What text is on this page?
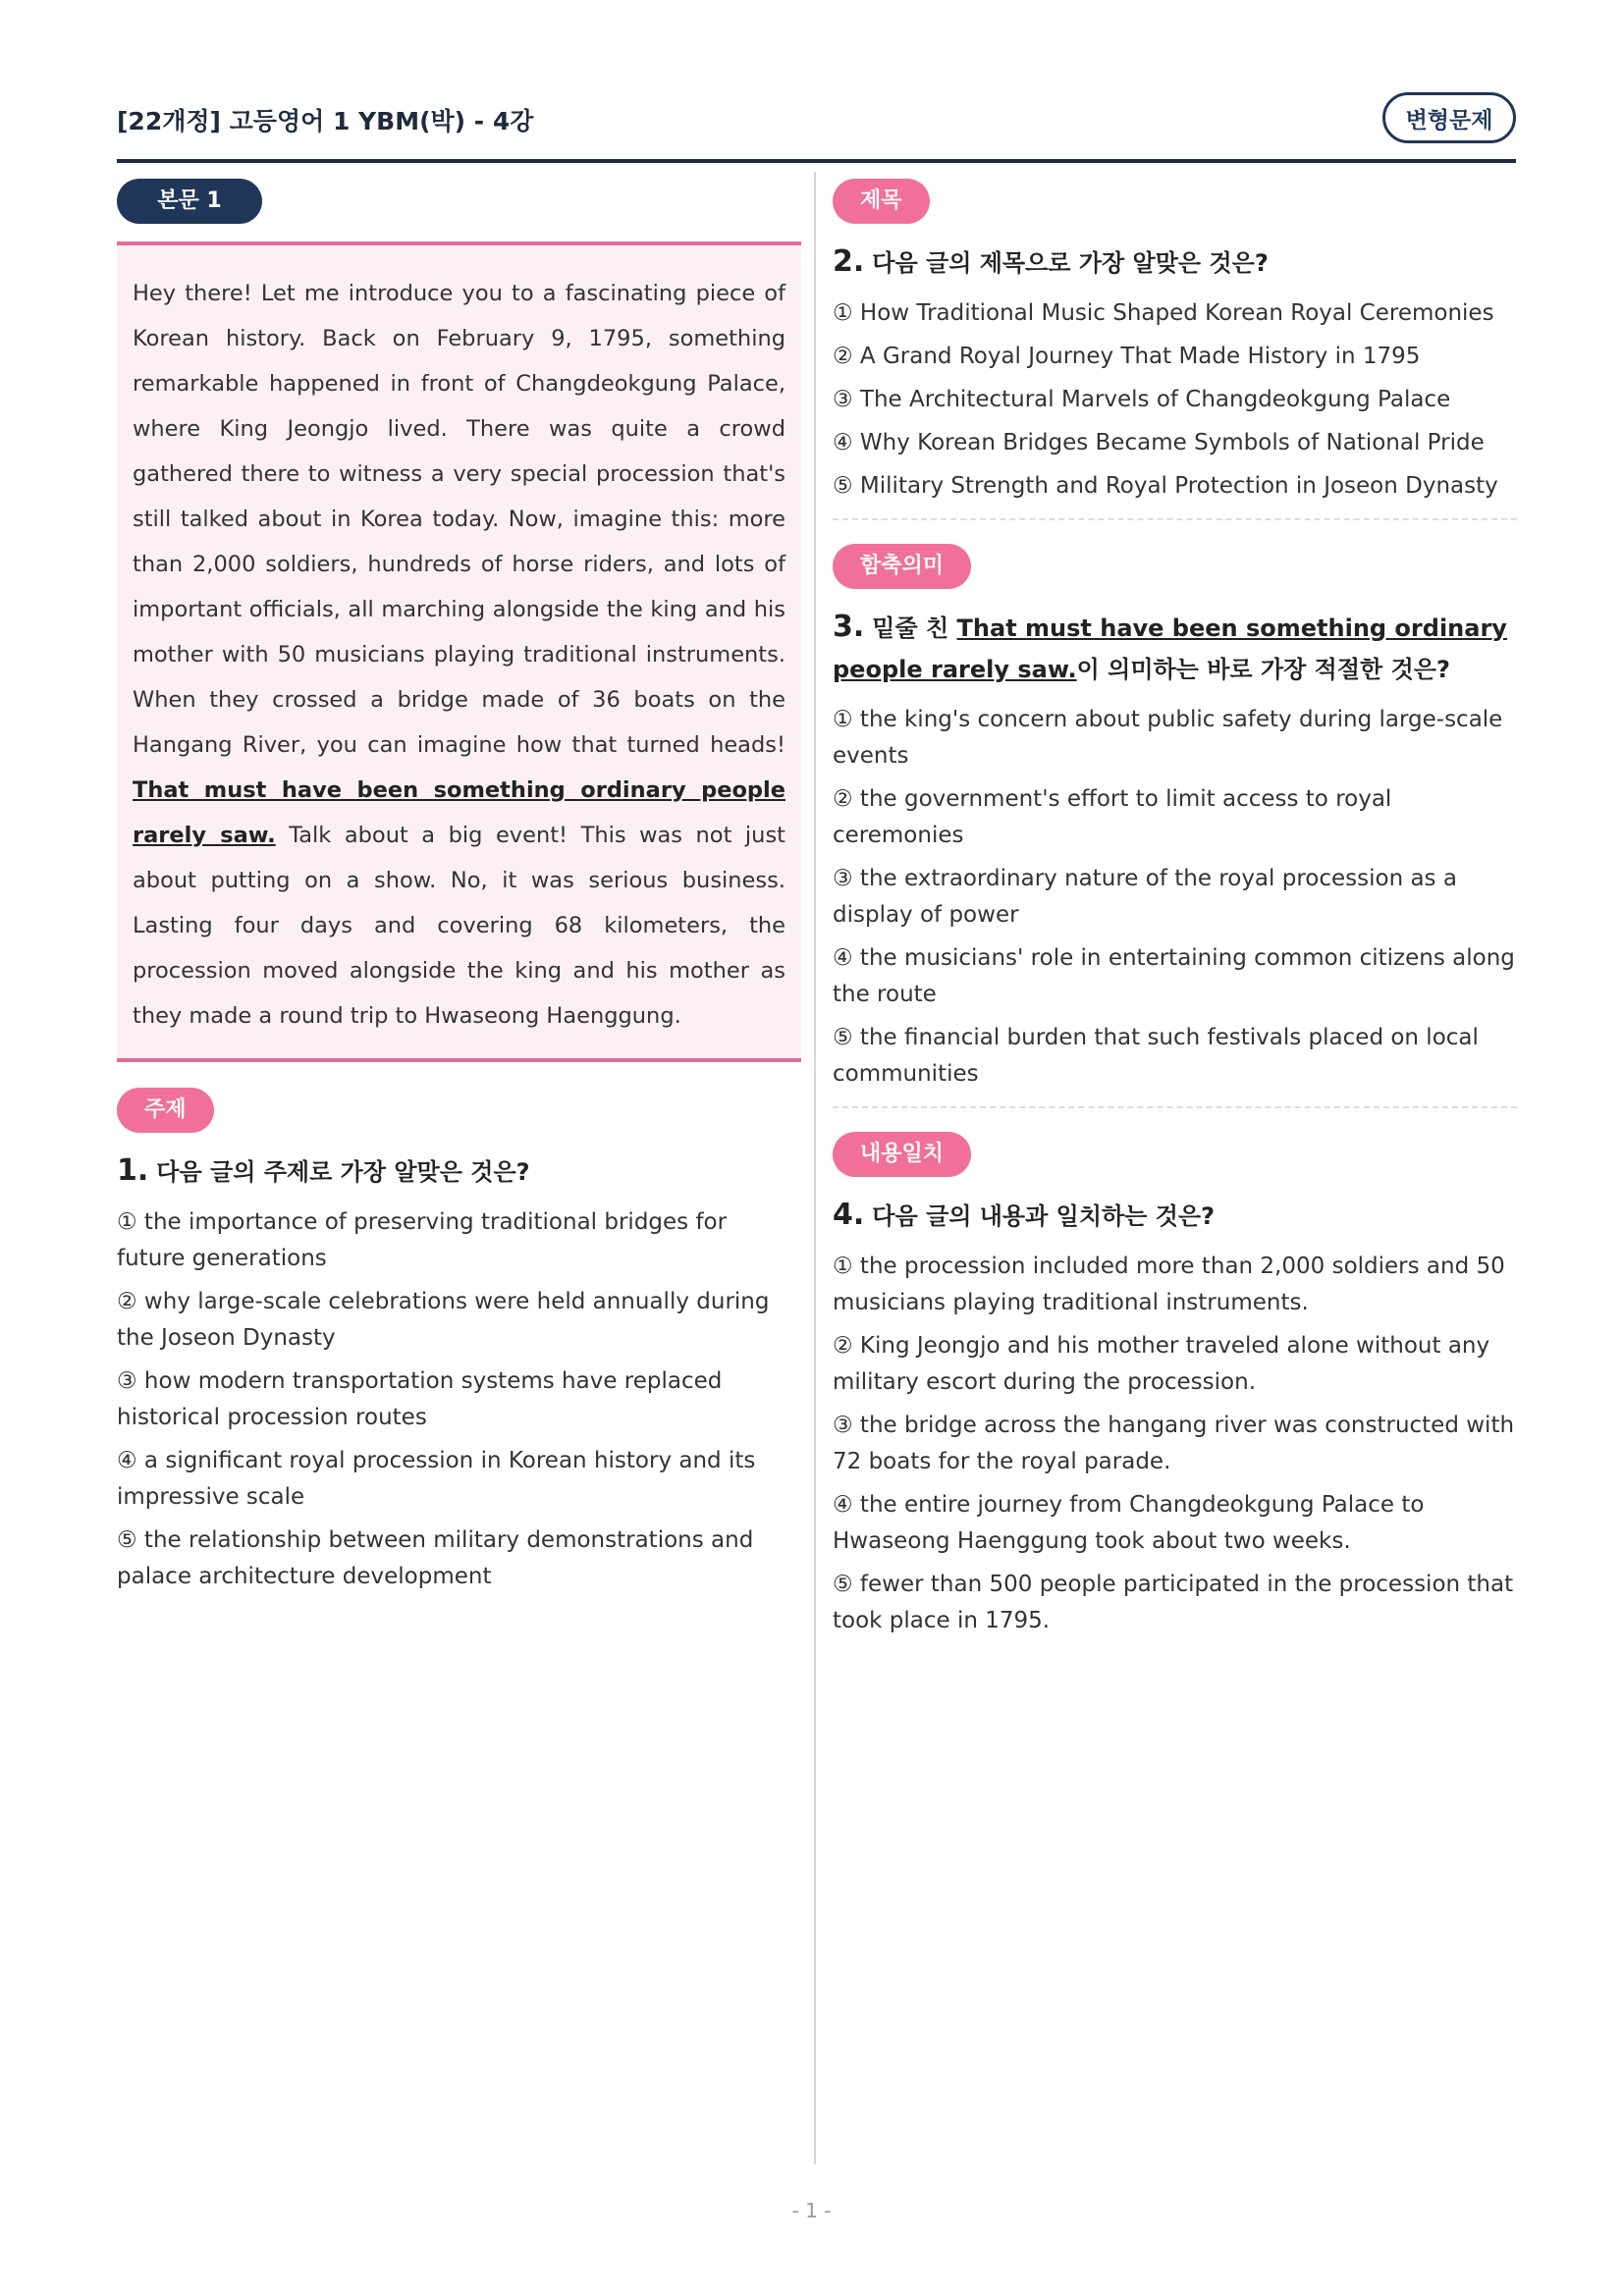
[22개정] 고등영어 1 YBM(박) - 4강	변형문제
본문 1
Hey there! Let me introduce you to a fascinating piece of Korean history. Back on February 9, 1795, something remarkable happened in front of Changdeokgung Palace, where King Jeongjo lived. There was quite a crowd gathered there to witness a very special procession that's still talked about in Korea today. Now, imagine this: more than 2,000 soldiers, hundreds of horse riders, and lots of important officials, all marching alongside the king and his mother with 50 musicians playing traditional instruments. When they crossed a bridge made of 36 boats on the Hangang River, you can imagine how that turned heads! That must have been something ordinary people rarely saw. Talk about a big event! This was not just about putting on a show. No, it was serious business. Lasting four days and covering 68 kilometers, the procession moved alongside the king and his mother as they made a round trip to Hwaseong Haenggung.
주제
1. 다음 글의 주제로 가장 알맞은 것은?
① the importance of preserving traditional bridges for future generations
② why large-scale celebrations were held annually during the Joseon Dynasty
③ how modern transportation systems have replaced historical procession routes
④ a significant royal procession in Korean history and its impressive scale
⑤ the relationship between military demonstrations and palace architecture development
제목
2. 다음 글의 제목으로 가장 알맞은 것은?
① How Traditional Music Shaped Korean Royal Ceremonies
② A Grand Royal Journey That Made History in 1795
③ The Architectural Marvels of Changdeokgung Palace
④ Why Korean Bridges Became Symbols of National Pride
⑤ Military Strength and Royal Protection in Joseon Dynasty
함축의미
3. 밑줄 친 That must have been something ordinary people rarely saw.이 의미하는 바로 가장 적절한 것은?
① the king's concern about public safety during large-scale events
② the government's effort to limit access to royal ceremonies
③ the extraordinary nature of the royal procession as a display of power
④ the musicians' role in entertaining common citizens along the route
⑤ the financial burden that such festivals placed on local communities
내용일치
4. 다음 글의 내용과 일치하는 것은?
① the procession included more than 2,000 soldiers and 50 musicians playing traditional instruments.
② King Jeongjo and his mother traveled alone without any military escort during the procession.
③ the bridge across the hangang river was constructed with 72 boats for the royal parade.
④ the entire journey from Changdeokgung Palace to Hwaseong Haenggung took about two weeks.
⑤ fewer than 500 people participated in the procession that took place in 1795.
- 1 -
